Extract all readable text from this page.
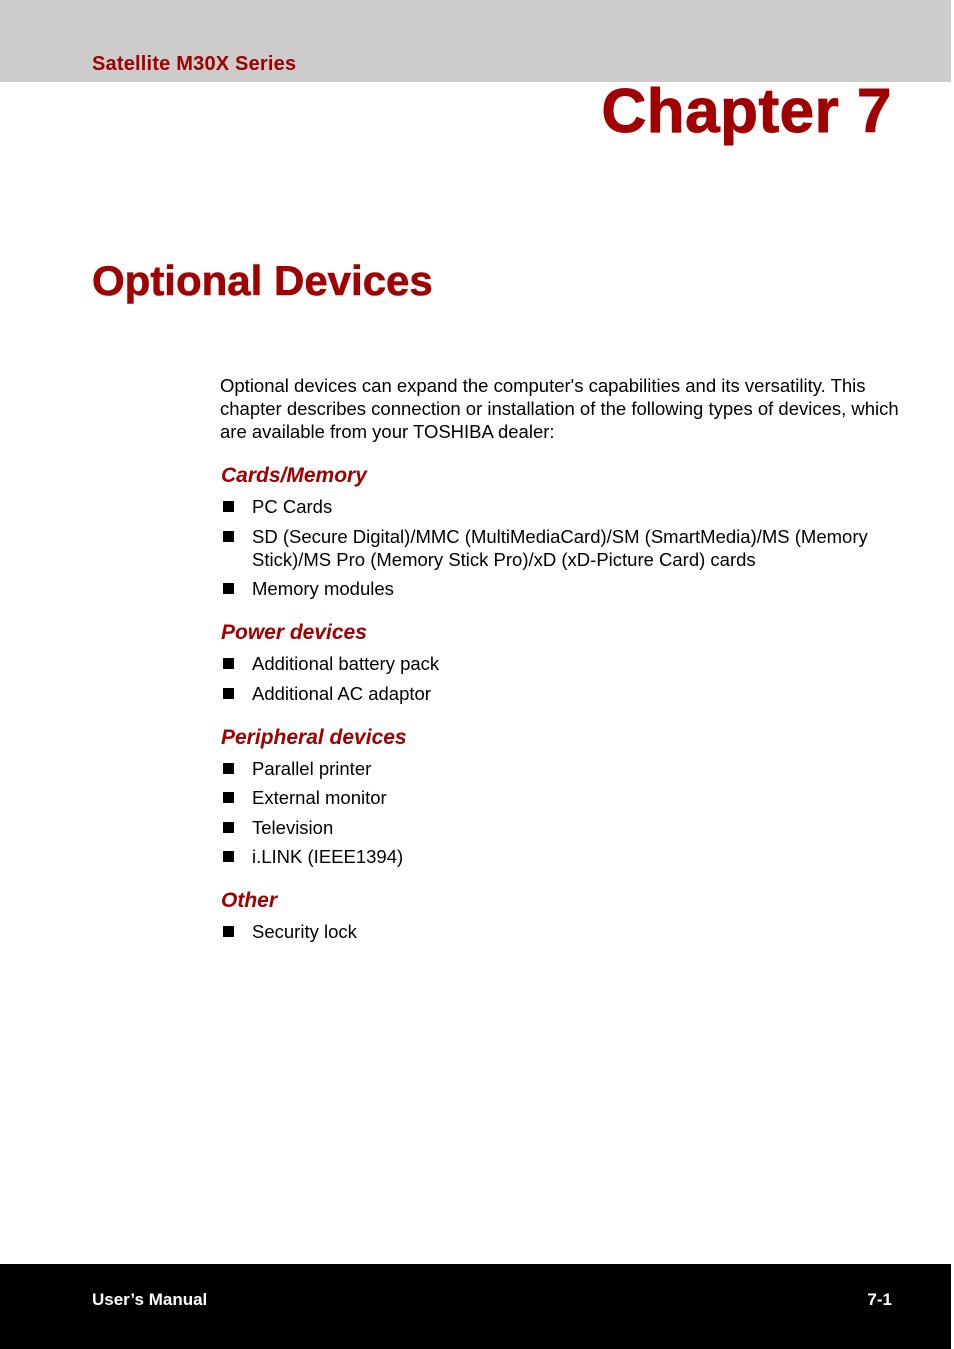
Satellite M30X Series
Chapter 7
Optional Devices

Optional devices can expand the computer's capabilities and its versatility. This chapter describes connection or installation of the following types of devices, which are available from your TOSHIBA dealer:

Cards/Memory
PC Cards
SD (Secure Digital)/MMC (MultiMediaCard)/SM (SmartMedia)/MS (Memory Stick)/MS Pro (Memory Stick Pro)/xD (xD-Picture Card) cards
Memory modules
Power devices
Additional battery pack
Additional AC adaptor
Peripheral devices
Parallel printer
External monitor
Television
i.LINK (IEEE1394)
Other
Security lock
User’s Manual	7-1
